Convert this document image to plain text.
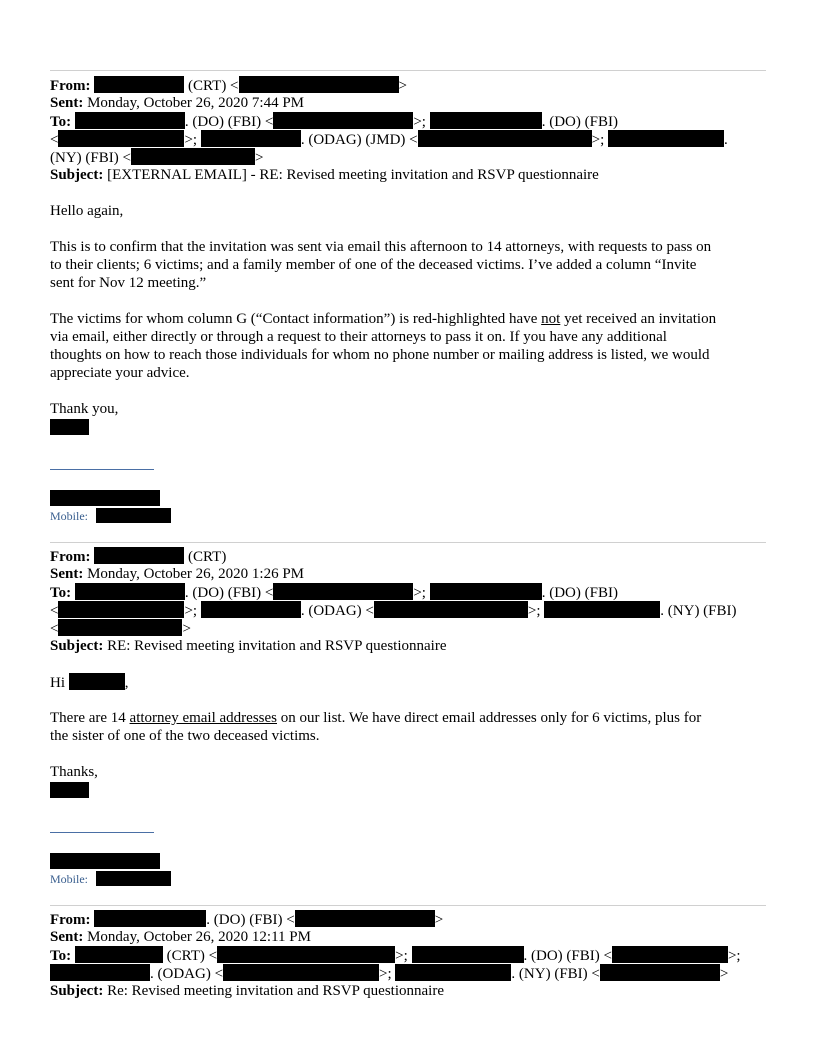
From:	(CRT) <	>
Sent: Monday, October 26, 2020 7:44 PM
To:	. (DO) (FBI) <	>;	. (DO) (FBI)
<	>;	. (ODAG) (JMD) <	>;	.
(NY) (FBI) <	>
Subject: [EXTERNAL EMAIL] - RE: Revised meeting invitation and RSVP questionnaire
Hello again,
This is to confirm that the invitation was sent via email this afternoon to 14 attorneys, with requests to pass on
to their clients; 6 victims; and a family member of one of the deceased victims. I’ve added a column “Invite
sent for Nov 12 meeting.”
The victims for whom column G (“Contact information”) is red-highlighted have not yet received an invitation
via email, either directly or through a request to their attorneys to pass it on. If you have any additional
thoughts on how to reach those individuals for whom no phone number or mailing address is listed, we would
appreciate your advice.
Thank you,
Mobile:
From:	(CRT)
Sent: Monday, October 26, 2020 1:26 PM
To:	. (DO) (FBI) <	>;	. (DO) (FBI)
<	>;	. (ODAG) <	>;	. (NY) (FBI)
<	>
Subject: RE: Revised meeting invitation and RSVP questionnaire
Hi	,
There are 14 attorney email addresses on our list. We have direct email addresses only for 6 victims, plus for
the sister of one of the two deceased victims.
Thanks,
Mobile:
From:	. (DO) (FBI) <	>
Sent: Monday, October 26, 2020 12:11 PM
To:	(CRT) <	>;	. (DO) (FBI) <	>;
. (ODAG) <	>;	. (NY) (FBI) <	>
Subject: Re: Revised meeting invitation and RSVP questionnaire
